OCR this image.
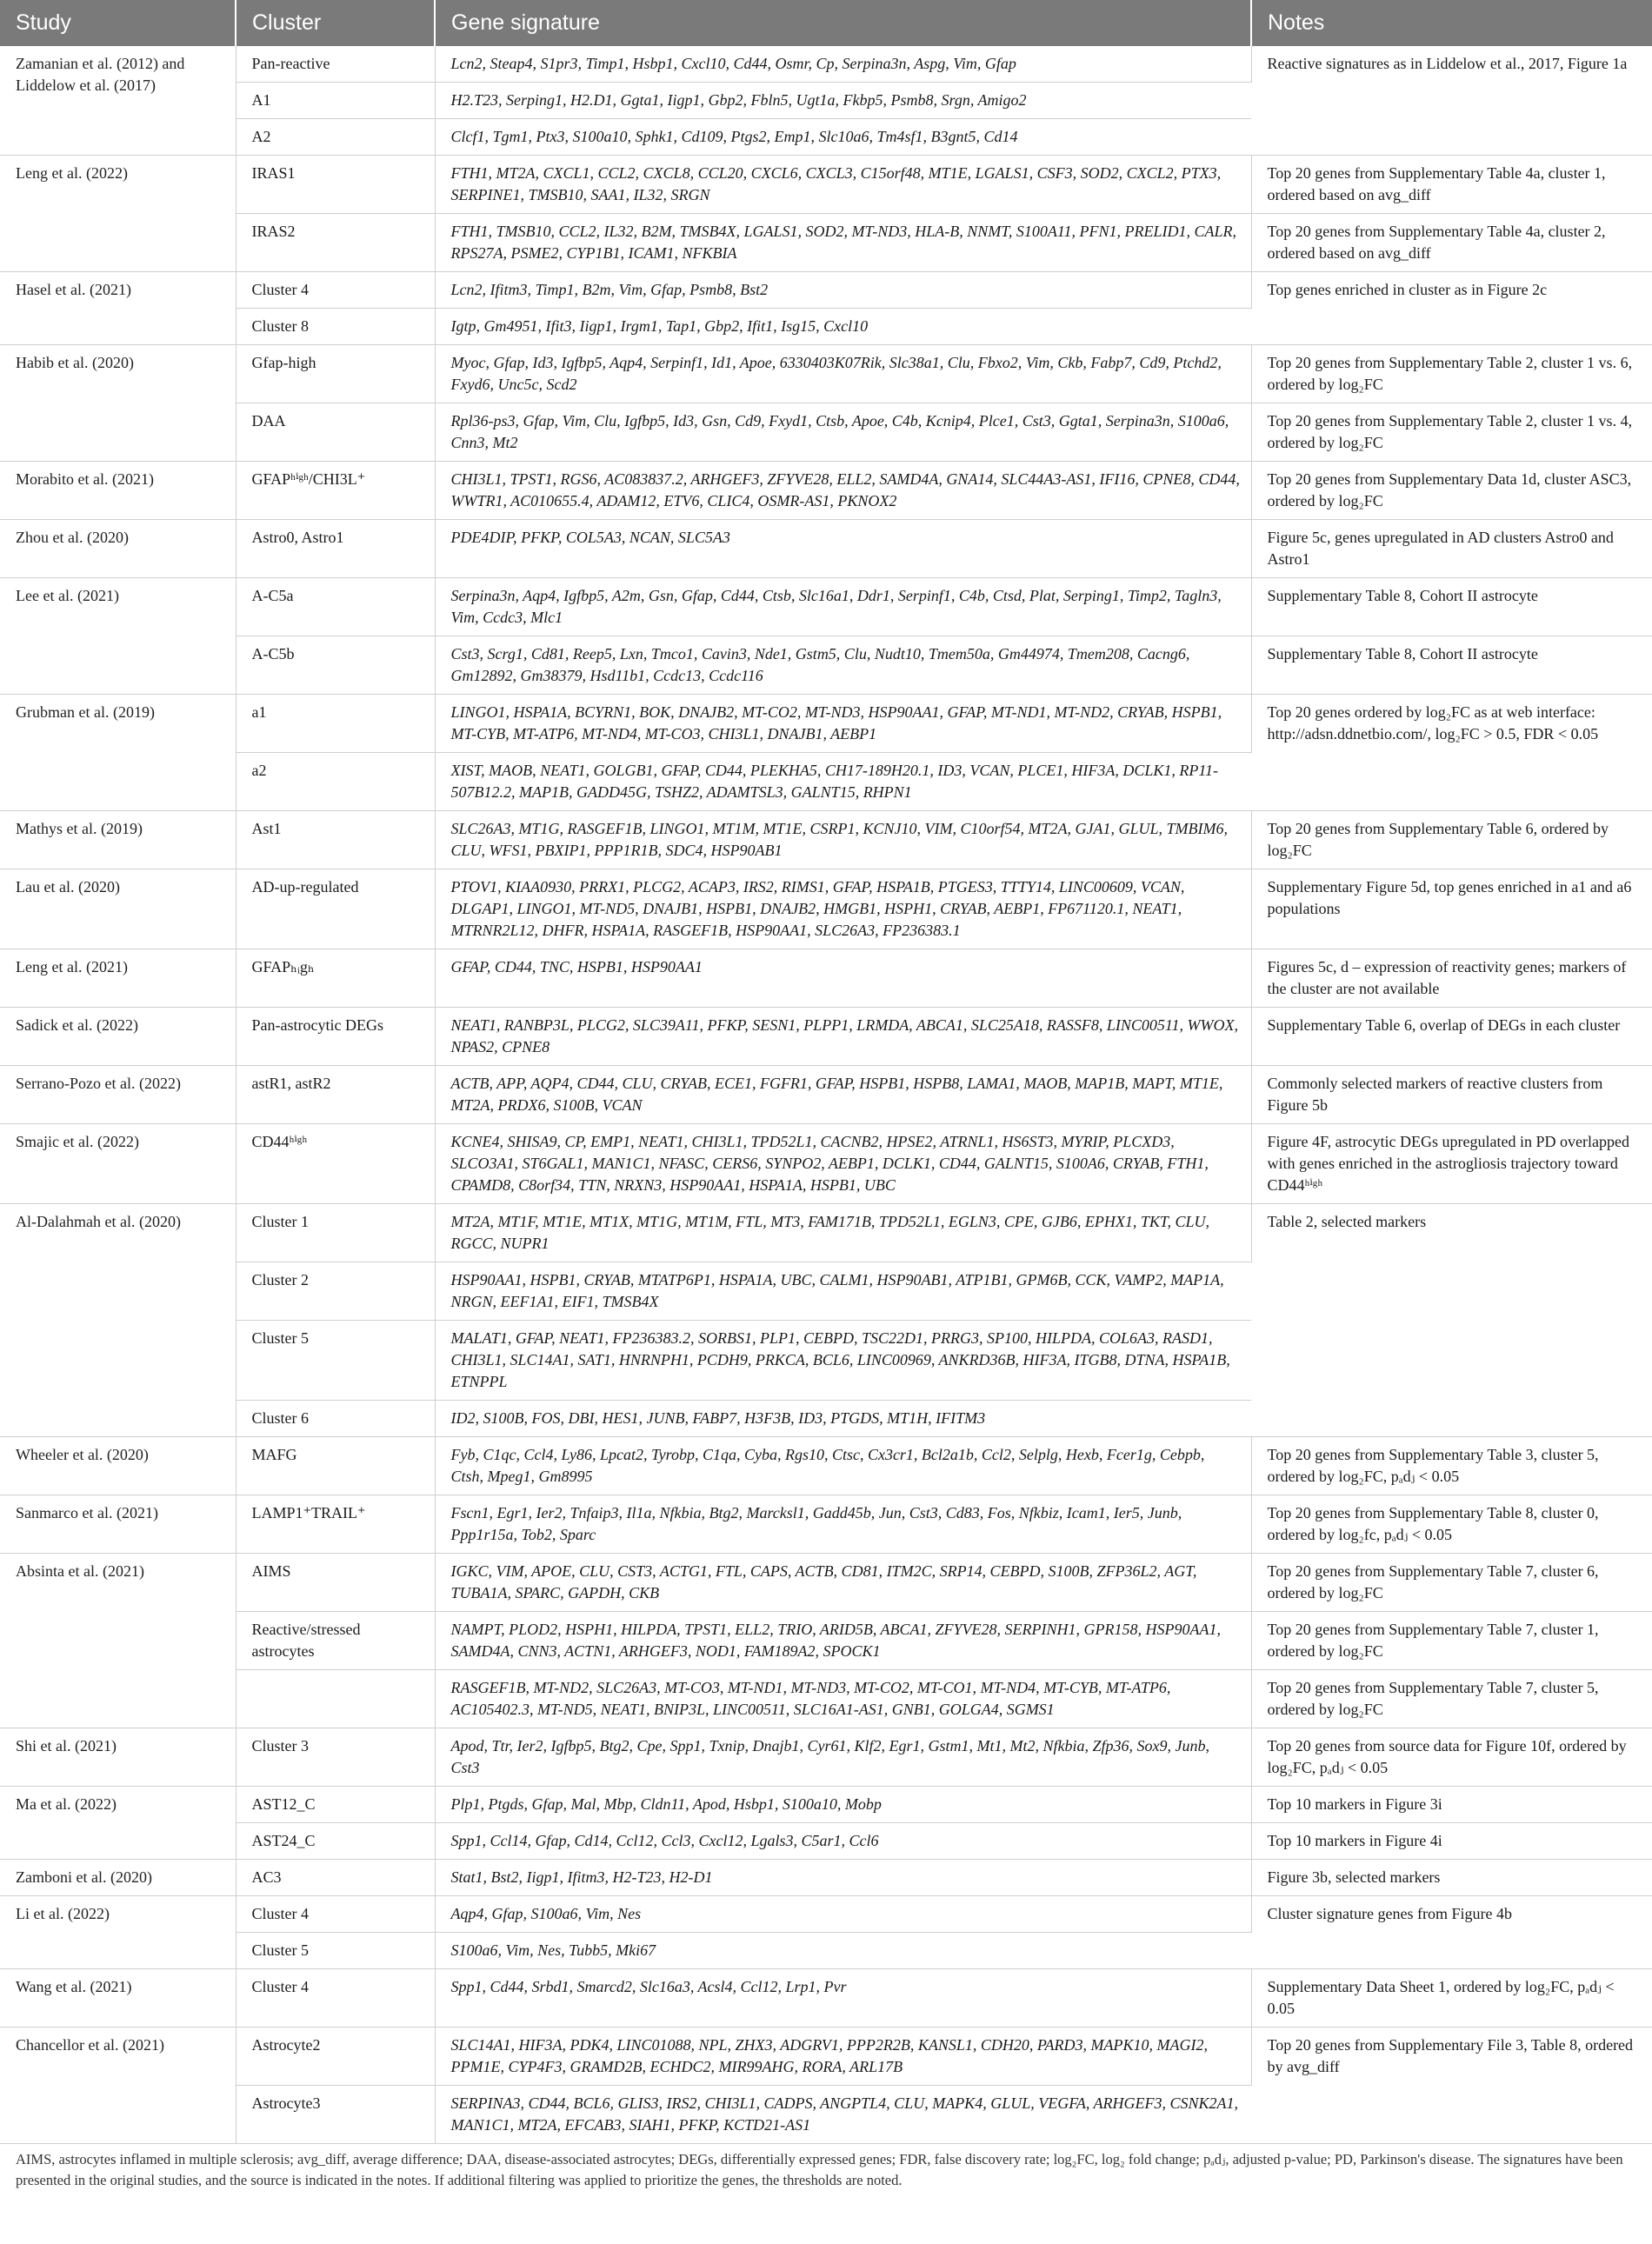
Study	Cluster	Gene signature	Notes
Zamanian et al. (2012) and Liddelow et al. (2017)	Pan-reactive	Lcn2, Steap4, S1pr3, Timp1, Hsbp1, Cxcl10, Cd44, Osmr, Cp, Serpina3n, Aspg, Vim, Gfap	Reactive signatures as in Liddelow et al., 2017, Figure 1a
	A1	H2.T23, Serping1, H2.D1, Ggta1, Iigp1, Gbp2, Fbln5, Ugt1a, Fkbp5, Psmb8, Srgn, Amigo2	
	A2	Clcf1, Tgm1, Ptx3, S100a10, Sphk1, Cd109, Ptgs2, Emp1, Slc10a6, Tm4sf1, B3gnt5, Cd14	
Leng et al. (2022)	IRAS1	FTH1, MT2A, CXCL1, CCL2, CXCL8, CCL20, CXCL6, CXCL3, C15orf48, MT1E, LGALS1, CSF3, SOD2, CXCL2, PTX3, SERPINE1, TMSB10, SAA1, IL32, SRGN	Top 20 genes from Supplementary Table 4a, cluster 1, ordered based on avg_diff
	IRAS2	FTH1, TMSB10, CCL2, IL32, B2M, TMSB4X, LGALS1, SOD2, MT-ND3, HLA-B, NNMT, S100A11, PFN1, PRELID1, CALR, RPS27A, PSME2, CYP1B1, ICAM1, NFKBIA	Top 20 genes from Supplementary Table 4a, cluster 2, ordered based on avg_diff
Hasel et al. (2021)	Cluster 4	Lcn2, Ifitm3, Timp1, B2m, Vim, Gfap, Psmb8, Bst2	Top genes enriched in cluster as in Figure 2c
	Cluster 8	Igtp, Gm4951, Ifit3, Iigp1, Irgm1, Tap1, Gbp2, Ifit1, Isg15, Cxcl10	
Habib et al. (2020)	Gfap-high	Myoc, Gfap, Id3, Igfbp5, Aqp4, Serpinf1, Id1, Apoe, 6330403K07Rik, Slc38a1, Clu, Fbxo2, Vim, Ckb, Fabp7, Cd9, Ptchd2, Fxyd6, Unc5c, Scd2	Top 20 genes from Supplementary Table 2, cluster 1 vs. 6, ordered by log₂FC
	DAA	Rpl36-ps3, Gfap, Vim, Clu, Igfbp5, Id3, Gsn, Cd9, Fxyd1, Ctsb, Apoe, C4b, Kcnip4, Plce1, Cst3, Ggta1, Serpina3n, S100a6, Cnn3, Mt2	Top 20 genes from Supplementary Table 2, cluster 1 vs. 4, ordered by log₂FC
Morabito et al. (2021)	GFAPʰⁱᵍʰ/CHI3L⁺	CHI3L1, TPST1, RGS6, AC083837.2, ARHGEF3, ZFYVE28, ELL2, SAMD4A, GNA14, SLC44A3-AS1, IFI16, CPNE8, CD44, WWTR1, AC010655.4, ADAM12, ETV6, CLIC4, OSMR-AS1, PKNOX2	Top 20 genes from Supplementary Data 1d, cluster ASC3, ordered by log₂FC
Zhou et al. (2020)	Astro0, Astro1	PDE4DIP, PFKP, COL5A3, NCAN, SLC5A3	Figure 5c, genes upregulated in AD clusters Astro0 and Astro1
Lee et al. (2021)	A-C5a	Serpina3n, Aqp4, Igfbp5, A2m, Gsn, Gfap, Cd44, Ctsb, Slc16a1, Ddr1, Serpinf1, C4b, Ctsd, Plat, Serping1, Timp2, Tagln3, Vim, Ccdc3, Mlc1	Supplementary Table 8, Cohort II astrocyte
	A-C5b	Cst3, Scrg1, Cd81, Reep5, Lxn, Tmco1, Cavin3, Nde1, Gstm5, Clu, Nudt10, Tmem50a, Gm44974, Tmem208, Cacng6, Gm12892, Gm38379, Hsd11b1, Ccdc13, Ccdc116	Supplementary Table 8, Cohort II astrocyte
Grubman et al. (2019)	a1	LINGO1, HSPA1A, BCYRN1, BOK, DNAJB2, MT-CO2, MT-ND3, HSP90AA1, GFAP, MT-ND1, MT-ND2, CRYAB, HSPB1, MT-CYB, MT-ATP6, MT-ND4, MT-CO3, CHI3L1, DNAJB1, AEBP1	Top 20 genes ordered by log₂FC as at web interface: http://adsn.ddnetbio.com/, log₂FC > 0.5, FDR < 0.05
	a2	XIST, MAOB, NEAT1, GOLGB1, GFAP, CD44, PLEKHA5, CH17-189H20.1, ID3, VCAN, PLCE1, HIF3A, DCLK1, RP11-507B12.2, MAP1B, GADD45G, TSHZ2, ADAMTSL3, GALNT15, RHPN1	
Mathys et al. (2019)	Ast1	SLC26A3, MT1G, RASGEF1B, LINGO1, MT1M, MT1E, CSRP1, KCNJ10, VIM, C10orf54, MT2A, GJA1, GLUL, TMBIM6, CLU, WFS1, PBXIP1, PPP1R1B, SDC4, HSP90AB1	Top 20 genes from Supplementary Table 6, ordered by log₂FC
Lau et al. (2020)	AD-up-regulated	PTOV1, KIAA0930, PRRX1, PLCG2, ACAP3, IRS2, RIMS1, GFAP, HSPA1B, PTGES3, TTTY14, LINC00609, VCAN, DLGAP1, LINGO1, MT-ND5, DNAJB1, HSPB1, DNAJB2, HMGB1, HSPH1, CRYAB, AEBP1, FP671120.1, NEAT1, MTRNR2L12, DHFR, HSPA1A, RASGEF1B, HSP90AA1, SLC26A3, FP236383.1	Supplementary Figure 5d, top genes enriched in a1 and a6 populations
Leng et al. (2021)	GFAPₕᵢgₕ	GFAP, CD44, TNC, HSPB1, HSP90AA1	Figures 5c, d – expression of reactivity genes; markers of the cluster are not available
Sadick et al. (2022)	Pan-astrocytic DEGs	NEAT1, RANBP3L, PLCG2, SLC39A11, PFKP, SESN1, PLPP1, LRMDA, ABCA1, SLC25A18, RASSF8, LINC00511, WWOX, NPAS2, CPNE8	Supplementary Table 6, overlap of DEGs in each cluster
Serrano-Pozo et al. (2022)	astR1, astR2	ACTB, APP, AQP4, CD44, CLU, CRYAB, ECE1, FGFR1, GFAP, HSPB1, HSPB8, LAMA1, MAOB, MAP1B, MAPT, MT1E, MT2A, PRDX6, S100B, VCAN	Commonly selected markers of reactive clusters from Figure 5b
Smajic et al. (2022)	CD44ʰⁱᵍʰ	KCNE4, SHISA9, CP, EMP1, NEAT1, CHI3L1, TPD52L1, CACNB2, HPSE2, ATRNL1, HS6ST3, MYRIP, PLCXD3, SLCO3A1, ST6GAL1, MAN1C1, NFASC, CERS6, SYNPO2, AEBP1, DCLK1, CD44, GALNT15, S100A6, CRYAB, FTH1, CPAMD8, C8orf34, TTN, NRXN3, HSP90AA1, HSPA1A, HSPB1, UBC	Figure 4F, astrocytic DEGs upregulated in PD overlapped with genes enriched in the astrogliosis trajectory toward CD44ʰⁱᵍʰ
Al-Dalahmah et al. (2020)	Cluster 1	MT2A, MT1F, MT1E, MT1X, MT1G, MT1M, FTL, MT3, FAM171B, TPD52L1, EGLN3, CPE, GJB6, EPHX1, TKT, CLU, RGCC, NUPR1	Table 2, selected markers
	Cluster 2	HSP90AA1, HSPB1, CRYAB, MTATP6P1, HSPA1A, UBC, CALM1, HSP90AB1, ATP1B1, GPM6B, CCK, VAMP2, MAP1A, NRGN, EEF1A1, EIF1, TMSB4X	
	Cluster 5	MALAT1, GFAP, NEAT1, FP236383.2, SORBS1, PLP1, CEBPD, TSC22D1, PRRG3, SP100, HILPDA, COL6A3, RASD1, CHI3L1, SLC14A1, SAT1, HNRNPH1, PCDH9, PRKCA, BCL6, LINC00969, ANKRD36B, HIF3A, ITGB8, DTNA, HSPA1B, ETNPPL	
	Cluster 6	ID2, S100B, FOS, DBI, HES1, JUNB, FABP7, H3F3B, ID3, PTGDS, MT1H, IFITM3	
Wheeler et al. (2020)	MAFG	Fyb, C1qc, Ccl4, Ly86, Lpcat2, Tyrobp, C1qa, Cyba, Rgs10, Ctsc, Cx3cr1, Bcl2a1b, Ccl2, Selplg, Hexb, Fcer1g, Cebpb, Ctsh, Mpeg1, Gm8995	Top 20 genes from Supplementary Table 3, cluster 5, ordered by log₂FC, pₐdⱼ < 0.05
Sanmarco et al. (2021)	LAMP1⁺TRAIL⁺	Fscn1, Egr1, Ier2, Tnfaip3, Il1a, Nfkbia, Btg2, Marcksl1, Gadd45b, Jun, Cst3, Cd83, Fos, Nfkbiz, Icam1, Ier5, Junb, Ppp1r15a, Tob2, Sparc	Top 20 genes from Supplementary Table 8, cluster 0, ordered by log₂fc, pₐdⱼ < 0.05
Absinta et al. (2021)	AIMS	IGKC, VIM, APOE, CLU, CST3, ACTG1, FTL, CAPS, ACTB, CD81, ITM2C, SRP14, CEBPD, S100B, ZFP36L2, AGT, TUBA1A, SPARC, GAPDH, CKB	Top 20 genes from Supplementary Table 7, cluster 6, ordered by log₂FC
	Reactive/stressed astrocytes	NAMPT, PLOD2, HSPH1, HILPDA, TPST1, ELL2, TRIO, ARID5B, ABCA1, ZFYVE28, SERPINH1, GPR158, HSP90AA1, SAMD4A, CNN3, ACTN1, ARHGEF3, NOD1, FAM189A2, SPOCK1	Top 20 genes from Supplementary Table 7, cluster 1, ordered by log₂FC
		RASGEF1B, MT-ND2, SLC26A3, MT-CO3, MT-ND1, MT-ND3, MT-CO2, MT-CO1, MT-ND4, MT-CYB, MT-ATP6, AC105402.3, MT-ND5, NEAT1, BNIP3L, LINC00511, SLC16A1-AS1, GNB1, GOLGA4, SGMS1	Top 20 genes from Supplementary Table 7, cluster 5, ordered by log₂FC
Shi et al. (2021)	Cluster 3	Apod, Ttr, Ier2, Igfbp5, Btg2, Cpe, Spp1, Txnip, Dnajb1, Cyr61, Klf2, Egr1, Gstm1, Mt1, Mt2, Nfkbia, Zfp36, Sox9, Junb, Cst3	Top 20 genes from source data for Figure 10f, ordered by log₂FC, pₐdⱼ < 0.05
Ma et al. (2022)	AST12_C	Plp1, Ptgds, Gfap, Mal, Mbp, Cldn11, Apod, Hsbp1, S100a10, Mobp	Top 10 markers in Figure 3i
	AST24_C	Spp1, Ccl14, Gfap, Cd14, Ccl12, Ccl3, Cxcl12, Lgals3, C5ar1, Ccl6	Top 10 markers in Figure 4i
Zamboni et al. (2020)	AC3	Stat1, Bst2, Iigp1, Ifitm3, H2-T23, H2-D1	Figure 3b, selected markers
Li et al. (2022)	Cluster 4	Aqp4, Gfap, S100a6, Vim, Nes	Cluster signature genes from Figure 4b
	Cluster 5	S100a6, Vim, Nes, Tubb5, Mki67	
Wang et al. (2021)	Cluster 4	Spp1, Cd44, Srbd1, Smarcd2, Slc16a3, Acsl4, Ccl12, Lrp1, Pvr	Supplementary Data Sheet 1, ordered by log₂FC, pₐdⱼ < 0.05
Chancellor et al. (2021)	Astrocyte2	SLC14A1, HIF3A, PDK4, LINC01088, NPL, ZHX3, ADGRV1, PPP2R2B, KANSL1, CDH20, PARD3, MAPK10, MAGI2, PPM1E, CYP4F3, GRAMD2B, ECHDC2, MIR99AHG, RORA, ARL17B	Top 20 genes from Supplementary File 3, Table 8, ordered by avg_diff
	Astrocyte3	SERPINA3, CD44, BCL6, GLIS3, IRS2, CHI3L1, CADPS, ANGPTL4, CLU, MAPK4, GLUL, VEGFA, ARHGEF3, CSNK2A1, MAN1C1, MT2A, EFCAB3, SIAH1, PFKP, KCTD21-AS1	
AIMS, astrocytes inflamed in multiple sclerosis; avg_diff, average difference; DAA, disease-associated astrocytes; DEGs, differentially expressed genes; FDR, false discovery rate; log₂FC, log₂ fold change; pₐdⱼ, adjusted p-value; PD, Parkinson's disease. The signatures have been presented in the original studies, and the source is indicated in the notes. If additional filtering was applied to prioritize the genes, the thresholds are noted.
